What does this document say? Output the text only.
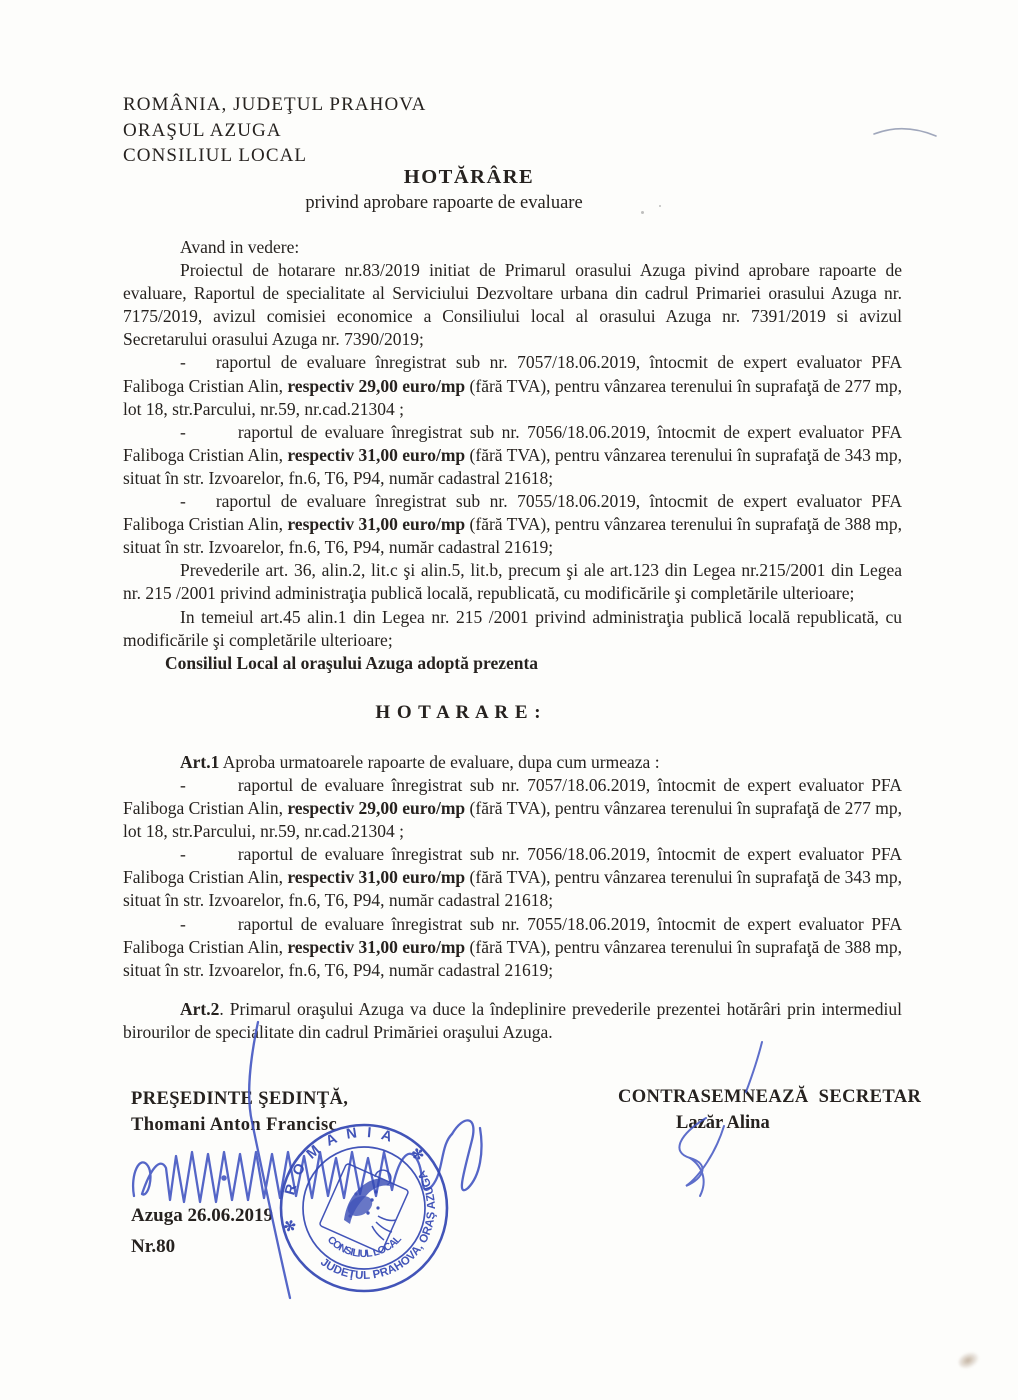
ROMÂNIA, JUDEŢUL PRAHOVA
ORAŞUL AZUGA
CONSILIUL LOCAL
HOTĂRÂRE
privind aprobare rapoarte de evaluare

Avand in vedere:

Proiectul de hotarare nr.83/2019 initiat de Primarul orasului Azuga pivind aprobare rapoarte de evaluare, Raportul de specialitate al Serviciului Dezvoltare urbana din cadrul Primariei orasului Azuga nr. 7175/2019, avizul comisiei economice a Consiliului local al orasului Azuga nr. 7391/2019 si avizul Secretarului orasului Azuga nr. 7390/2019;

- raportul de evaluare înregistrat sub nr. 7057/18.06.2019, întocmit de expert evaluator PFA Faliboga Cristian Alin, respectiv 29,00 euro/mp (fără TVA), pentru vânzarea terenului în suprafaţă de 277 mp, lot 18, str.Parcului, nr.59, nr.cad.21304 ;

-	raportul de evaluare înregistrat sub nr. 7056/18.06.2019, întocmit de expert evaluator PFA Faliboga Cristian Alin, respectiv 31,00 euro/mp (fără TVA), pentru vânzarea terenului în suprafaţă de 343 mp, situat în str. Izvoarelor, fn.6, T6, P94, număr cadastral 21618;

- raportul de evaluare înregistrat sub nr. 7055/18.06.2019, întocmit de expert evaluator PFA Faliboga Cristian Alin, respectiv 31,00 euro/mp (fără TVA), pentru vânzarea terenului în suprafaţă de 388 mp, situat în str. Izvoarelor, fn.6, T6, P94, număr cadastral 21619;

Prevederile art. 36, alin.2, lit.c şi alin.5, lit.b, precum şi ale art.123 din Legea nr.215/2001 din Legea nr. 215 /2001 privind administraţia publică locală, republicată, cu modificările şi completările ulterioare;

In temeiul art.45 alin.1 din Legea nr. 215 /2001 privind administraţia publică locală republicată, cu modificările şi completările ulterioare;

Consiliul Local al oraşului Azuga adoptă prezenta

H O T A R A R E :

Art.1 Aproba urmatoarele rapoarte de evaluare, dupa cum urmeaza :

-	raportul de evaluare înregistrat sub nr. 7057/18.06.2019, întocmit de expert evaluator PFA Faliboga Cristian Alin, respectiv 29,00 euro/mp (fără TVA), pentru vânzarea terenului în suprafaţă de 277 mp, lot 18, str.Parcului, nr.59, nr.cad.21304 ;

-	raportul de evaluare înregistrat sub nr. 7056/18.06.2019, întocmit de expert evaluator PFA Faliboga Cristian Alin, respectiv 31,00 euro/mp (fără TVA), pentru vânzarea terenului în suprafaţă de 343 mp, situat în str. Izvoarelor, fn.6, T6, P94, număr cadastral 21618;

-	raportul de evaluare înregistrat sub nr. 7055/18.06.2019, întocmit de expert evaluator PFA Faliboga Cristian Alin, respectiv 31,00 euro/mp (fără TVA), pentru vânzarea terenului în suprafaţă de 388 mp, situat în str. Izvoarelor, fn.6, T6, P94, număr cadastral 21619;

Art.2. Primarul oraşului Azuga va duce la îndeplinire prevederile prezentei hotărâri prin intermediul birourilor de specialitate din cadrul Primăriei oraşului Azuga.

PREŞEDINTE ŞEDINŢĂ,
Thomani Anton Francisc
CONTRASEMNEAZĂ  SECRETAR
Lazăr Alina
Azuga 26.06.2019
Nr.80
✻ ROMÂNIA ✻
JUDEŢUL PRAHOVA, ORAŞ AZUGA
CONSILIUL LOCAL
